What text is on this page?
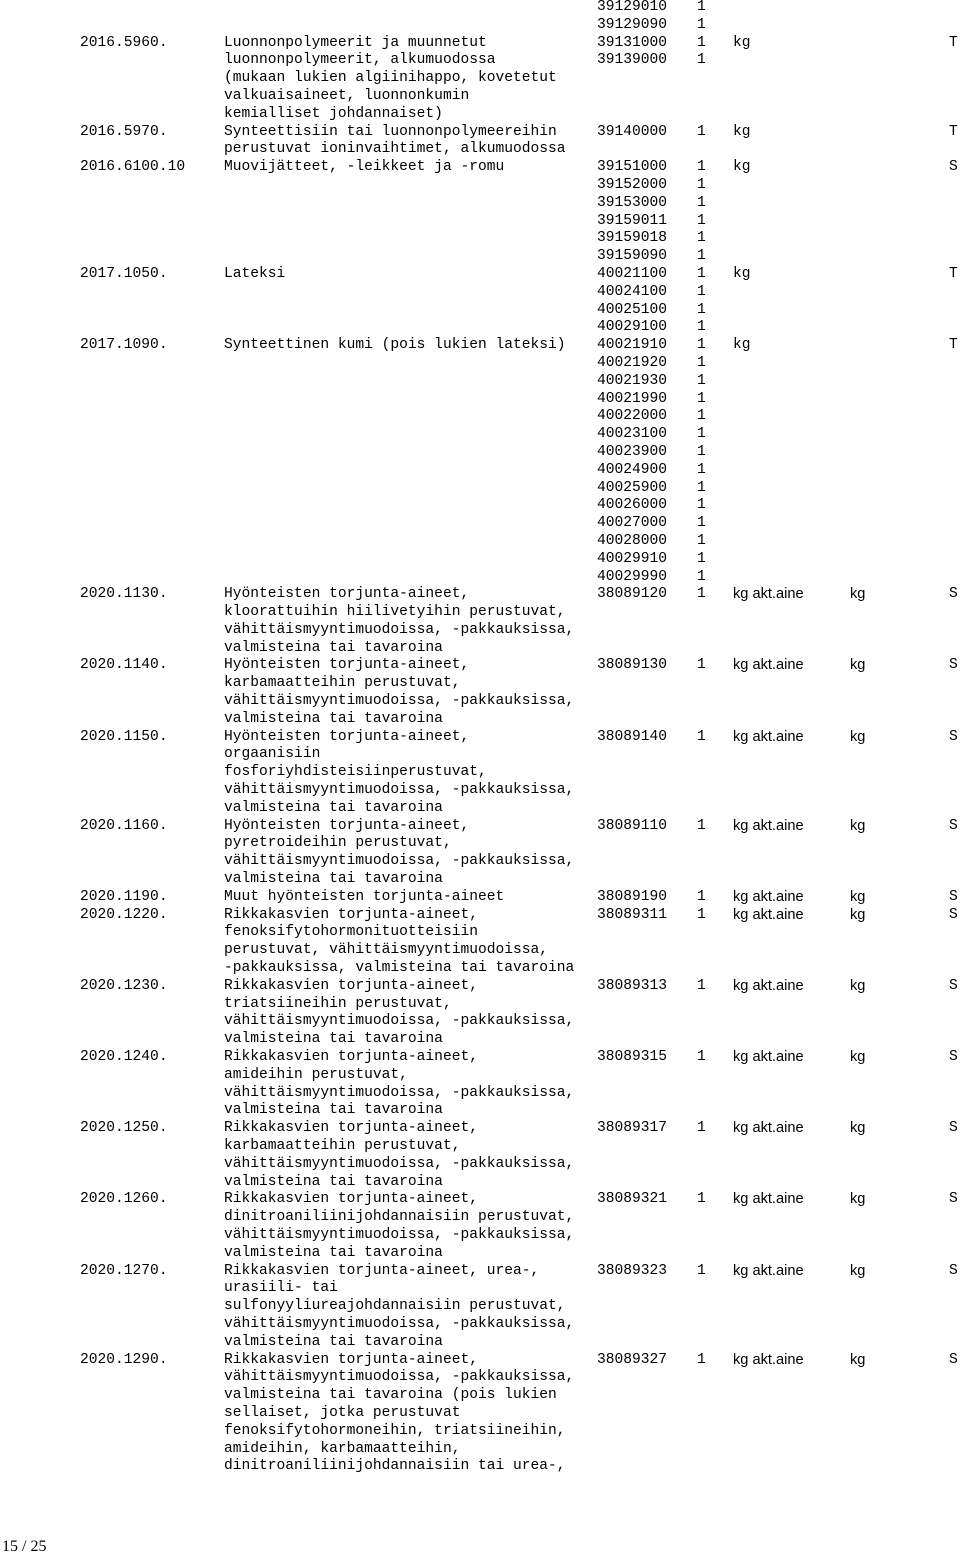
39129010 1
39129090 1
2016.5960.	Luonnonpolymeerit ja muunnetut	39131000 1 kg	T
luonnonpolymeerit, alkumuodossa	39139000 1
(mukaan lukien algiinihappo, kovetetut
valkuaisaineet, luonnonkumin
kemialliset johdannaiset)
2016.5970.	Synteettisiin tai luonnonpolymeereihin	39140000 1 kg	T
perustuvat ioninvaihtimet, alkumuodossa
2016.6100.10	Muovijätteet, -leikkeet ja -romu	39151000 1 kg	S
39152000 1
39153000 1
39159011 1
39159018 1
39159090 1
2017.1050.	Lateksi	40021100 1 kg	T
40024100 1
40025100 1
40029100 1
2017.1090.	Synteettinen kumi (pois lukien lateksi) 40021910 1 kg	T
40021920 1
40021930 1
40021990 1
40022000 1
40023100 1
40023900 1
40024900 1
40025900 1
40026000 1
40027000 1
40028000 1
40029910 1
40029990 1
2020.1130.	Hyönteisten torjunta-aineet,	38089120 1 kg akt.aine	kg	S
kloorattuihin hiilivetyihin perustuvat,
vähittäismyyntimuodoissa, -pakkauksissa,
valmisteina tai tavaroina
2020.1140.	Hyönteisten torjunta-aineet,	38089130 1 kg akt.aine	kg	S
karbamaatteihin perustuvat,
vähittäismyyntimuodoissa, -pakkauksissa,
valmisteina tai tavaroina
2020.1150.	Hyönteisten torjunta-aineet,	38089140 1 kg akt.aine	kg	S
orgaanisiin
fosforiyhdisteisiinperustuvat,
vähittäismyyntimuodoissa, -pakkauksissa,
valmisteina tai tavaroina
2020.1160.	Hyönteisten torjunta-aineet,	38089110 1 kg akt.aine	kg	S
pyretroideihin perustuvat,
vähittäismyyntimuodoissa, -pakkauksissa,
valmisteina tai tavaroina
2020.1190.	Muut hyönteisten torjunta-aineet	38089190 1 kg akt.aine	kg	S
2020.1220.	Rikkakasvien torjunta-aineet,	38089311 1 kg akt.aine	kg	S
fenoksifytohormonituotteisiin
perustuvat, vähittäismyyntimuodoissa,
-pakkauksissa, valmisteina tai tavaroina
2020.1230.	Rikkakasvien torjunta-aineet,	38089313 1 kg akt.aine	kg	S
triatsiineihin perustuvat,
vähittäismyyntimuodoissa, -pakkauksissa,
valmisteina tai tavaroina
2020.1240.	Rikkakasvien torjunta-aineet,	38089315 1 kg akt.aine	kg	S
amideihin perustuvat,
vähittäismyyntimuodoissa, -pakkauksissa,
valmisteina tai tavaroina
2020.1250.	Rikkakasvien torjunta-aineet,	38089317 1 kg akt.aine	kg	S
karbamaatteihin perustuvat,
vähittäismyyntimuodoissa, -pakkauksissa,
valmisteina tai tavaroina
2020.1260.	Rikkakasvien torjunta-aineet,	38089321 1 kg akt.aine	kg	S
dinitroaniliinijohdannaisiin perustuvat,
vähittäismyyntimuodoissa, -pakkauksissa,
valmisteina tai tavaroina
2020.1270.	Rikkakasvien torjunta-aineet, urea-,	38089323 1 kg akt.aine	kg	S
urasiili- tai
sulfonyyliureajohdannaisiin perustuvat,
vähittäismyyntimuodoissa, -pakkauksissa,
valmisteina tai tavaroina
2020.1290.	Rikkakasvien torjunta-aineet,	38089327 1 kg akt.aine	kg	S
vähittäismyyntimuodoissa, -pakkauksissa,
valmisteina tai tavaroina (pois lukien
sellaiset, jotka perustuvat
fenoksifytohormoneihin, triatsiineihin,
amideihin, karbamaatteihin,
dinitroaniliinijohdannaisiin tai urea-,
15 / 25
